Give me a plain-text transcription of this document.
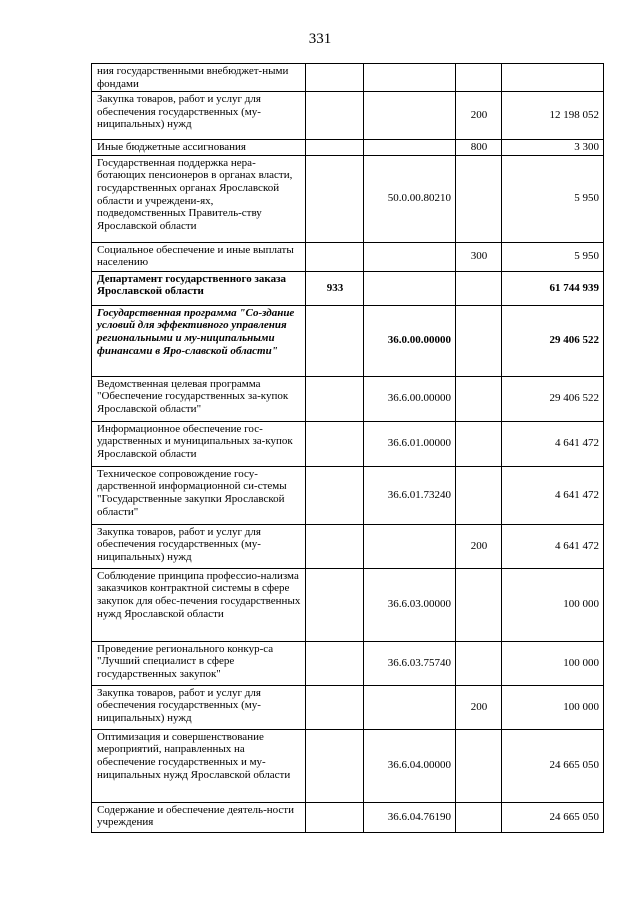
331
ния государственными внебюджет-ными фондами				
Закупка товаров, работ и услуг для обеспечения государственных (му-ниципальных) нужд			200	12 198 052
Иные бюджетные ассигнования			800	3 300
Государственная поддержка нера-ботающих пенсионеров в органах власти, государственных органах Ярославской области и учреждени-ях, подведомственных Правитель-ству Ярославской области		50.0.00.80210		5 950
Социальное обеспечение и иные выплаты населению			300	5 950
Департамент государственного заказа Ярославской области	933			61 744 939
Государственная программа "Со-здание условий для эффективного управления региональными и му-ниципальными финансами в Яро-славской области"		36.0.00.00000		29 406 522
Ведомственная целевая программа "Обеспечение государственных за-купок Ярославской области"		36.6.00.00000		29 406 522
Информационное обеспечение гос-ударственных и муниципальных за-купок Ярославской области		36.6.01.00000		4 641 472
Техническое сопровождение госу-дарственной информационной си-стемы "Государственные закупки Ярославской области"		36.6.01.73240		4 641 472
Закупка товаров, работ и услуг для обеспечения государственных (му-ниципальных) нужд			200	4 641 472
Соблюдение принципа профессио-нализма заказчиков контрактной системы в сфере закупок для обес-печения государственных нужд Ярославской области		36.6.03.00000		100 000
Проведение регионального конкур-са "Лучший специалист в сфере государственных закупок"		36.6.03.75740		100 000
Закупка товаров, работ и услуг для обеспечения государственных (му-ниципальных) нужд			200	100 000
Оптимизация и совершенствование мероприятий, направленных на обеспечение государственных и му-ниципальных нужд Ярославской области		36.6.04.00000		24 665 050
Содержание и обеспечение деятель-ности учреждения		36.6.04.76190		24 665 050
